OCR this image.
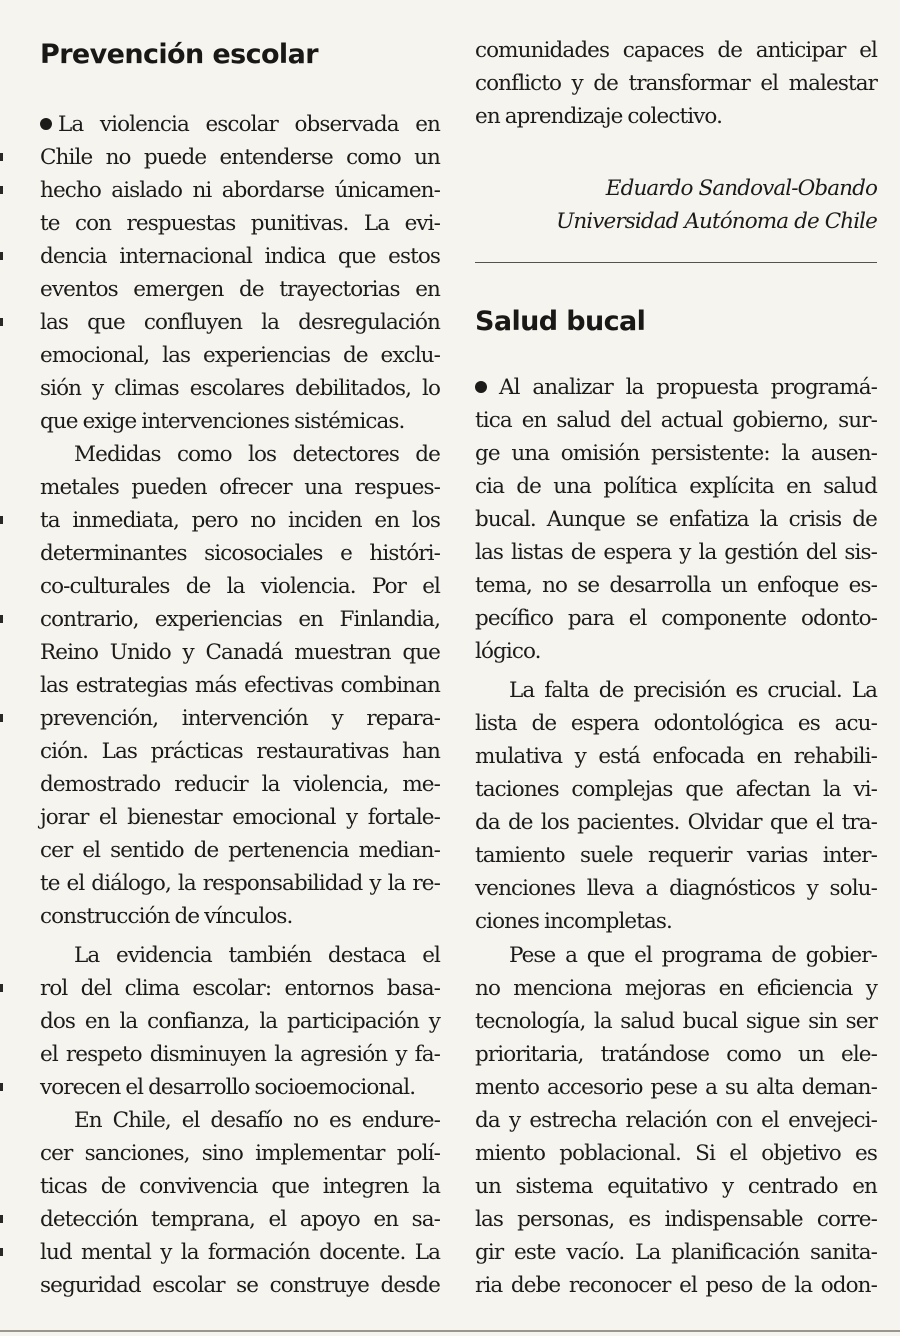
Prevención escolar
La violencia escolar observada en
Chile no puede entenderse como un
hecho aislado ni abordarse únicamen-
te con respuestas punitivas. La evi-
dencia internacional indica que estos
eventos emergen de trayectorias en
las que confluyen la desregulación
emocional, las experiencias de exclu-
sión y climas escolares debilitados, lo
que exige intervenciones sistémicas.
Medidas como los detectores de
metales pueden ofrecer una respues-
ta inmediata, pero no inciden en los
determinantes sicosociales e históri-
co-culturales de la violencia. Por el
contrario, experiencias en Finlandia,
Reino Unido y Canadá muestran que
las estrategias más efectivas combinan
prevención, intervención y repara-
ción. Las prácticas restaurativas han
demostrado reducir la violencia, me-
jorar el bienestar emocional y fortale-
cer el sentido de pertenencia median-
te el diálogo, la responsabilidad y la re-
construcción de vínculos.
La evidencia también destaca el
rol del clima escolar: entornos basa-
dos en la confianza, la participación y
el respeto disminuyen la agresión y fa-
vorecen el desarrollo socioemocional.
En Chile, el desafío no es endure-
cer sanciones, sino implementar polí-
ticas de convivencia que integren la
detección temprana, el apoyo en sa-
lud mental y la formación docente. La
seguridad escolar se construye desde
comunidades capaces de anticipar el
conflicto y de transformar el malestar
en aprendizaje colectivo.
Eduardo Sandoval-Obando
Universidad Autónoma de Chile
Salud bucal
Al analizar la propuesta programá-
tica en salud del actual gobierno, sur-
ge una omisión persistente: la ausen-
cia de una política explícita en salud
bucal. Aunque se enfatiza la crisis de
las listas de espera y la gestión del sis-
tema, no se desarrolla un enfoque es-
pecífico para el componente odonto-
lógico.
La falta de precisión es crucial. La
lista de espera odontológica es acu-
mulativa y está enfocada en rehabili-
taciones complejas que afectan la vi-
da de los pacientes. Olvidar que el tra-
tamiento suele requerir varias inter-
venciones lleva a diagnósticos y solu-
ciones incompletas.
Pese a que el programa de gobier-
no menciona mejoras en eficiencia y
tecnología, la salud bucal sigue sin ser
prioritaria, tratándose como un ele-
mento accesorio pese a su alta deman-
da y estrecha relación con el envejeci-
miento poblacional. Si el objetivo es
un sistema equitativo y centrado en
las personas, es indispensable corre-
gir este vacío. La planificación sanita-
ria debe reconocer el peso de la odon-
